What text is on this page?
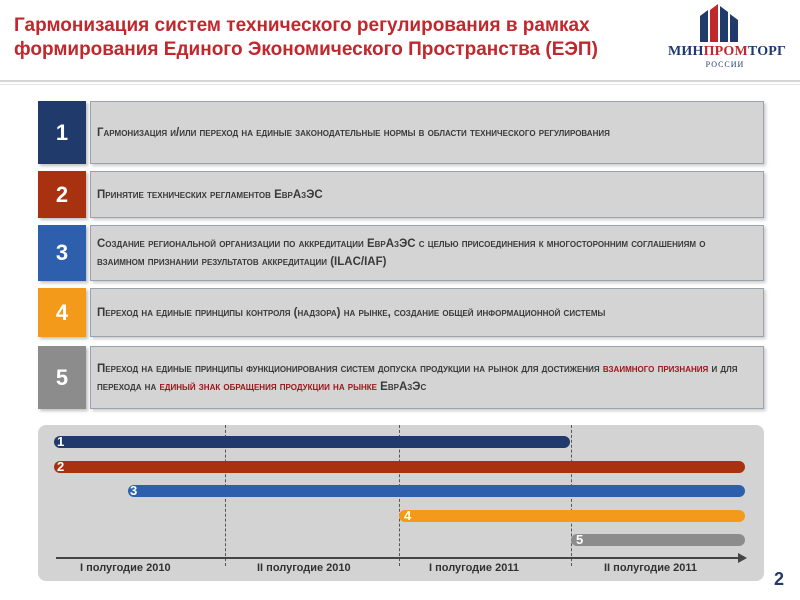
Гармонизация систем технического регулирования в рамках формирования Единого Экономического Пространства (ЕЭП)	МИНПРОМТОРГ
РОССИИ
1	Гармонизация и/или переход на единые законодательные нормы в области технического регулирования
2	Принятие технических регламентов ЕврАзЭС
3	Создание региональной организации по аккредитации ЕврАзЭС с целью присоединения к многосторонним соглашениям о взаимном признании результатов аккредитации (ILAC/IAF)
4	Переход на единые принципы контроля (надзора) на рынке, создание общей информационной системы
5	Переход на единые принципы функционирования систем допуска продукции на рынок для достижения взаимного признания и для перехода на единый знак обращения продукции на рынке ЕврАзЭс
1
2
3
4
5
I полугодие 2010	II полугодие 2010	I полугодие 2011	II полугодие 2011
2
